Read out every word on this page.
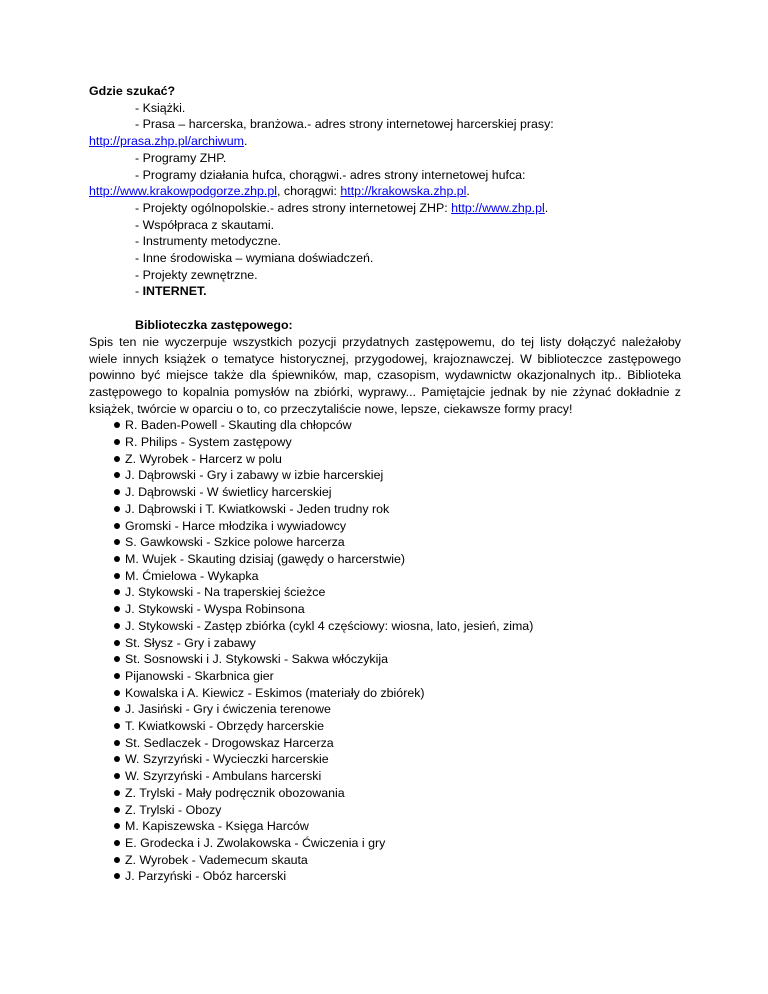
Gdzie szukać?
- Książki.
- Prasa – harcerska, branżowa.- adres strony internetowej harcerskiej prasy:
http://prasa.zhp.pl/archiwum.
- Programy ZHP.
- Programy działania hufca, chorągwi.- adres strony internetowej hufca:
http://www.krakowpodgorze.zhp.pl, chorągwi: http://krakowska.zhp.pl.
- Projekty ogólnopolskie.- adres strony internetowej ZHP: http://www.zhp.pl.
- Współpraca z skautami.
- Instrumenty metodyczne.
- Inne środowiska – wymiana doświadczeń.
- Projekty zewnętrzne.
- INTERNET.
Biblioteczka zastępowego:
Spis ten nie wyczerpuje wszystkich pozycji przydatnych zastępowemu, do tej listy dołączyć należałoby wiele innych książek o tematyce historycznej, przygodowej, krajoznawczej. W biblioteczce zastępowego powinno być miejsce także dla śpiewników, map, czasopism, wydawnictw okazjonalnych itp.. Biblioteka zastępowego to kopalnia pomysłów na zbiórki, wyprawy... Pamiętajcie jednak by nie zżynać dokładnie z książek, twórcie w oparciu o to, co przeczytaliście nowe, lepsze, ciekawsze formy pracy!
R. Baden-Powell - Skauting dla chłopców
R. Philips - System zastępowy
Z. Wyrobek - Harcerz w polu
J. Dąbrowski - Gry i zabawy w izbie harcerskiej
J. Dąbrowski - W świetlicy harcerskiej
J. Dąbrowski i T. Kwiatkowski - Jeden trudny rok
Gromski - Harce młodzika i wywiadowcy
S. Gawkowski - Szkice polowe harcerza
M. Wujek - Skauting dzisiaj (gawędy o harcerstwie)
M. Ćmielowa - Wykapka
J. Stykowski - Na traperskiej ścieżce
J. Stykowski - Wyspa Robinsona
J. Stykowski - Zastęp zbiórka (cykl 4 częściowy: wiosna, lato, jesień, zima)
St. Słysz - Gry i zabawy
St. Sosnowski i J. Stykowski - Sakwa włóczykija
Pijanowski - Skarbnica gier
Kowalska i A. Kiewicz - Eskimos (materiały do zbiórek)
J. Jasiński - Gry i ćwiczenia terenowe
T. Kwiatkowski - Obrzędy harcerskie
St. Sedlaczek - Drogowskaz Harcerza
W. Szyrzyński - Wycieczki harcerskie
W. Szyrzyński - Ambulans harcerski
Z. Trylski - Mały podręcznik obozowania
Z. Trylski - Obozy
M. Kapiszewska - Księga Harców
E. Grodecka i J. Zwolakowska - Ćwiczenia i gry
Z. Wyrobek - Vademecum skauta
J. Parzyński - Obóz harcerski
